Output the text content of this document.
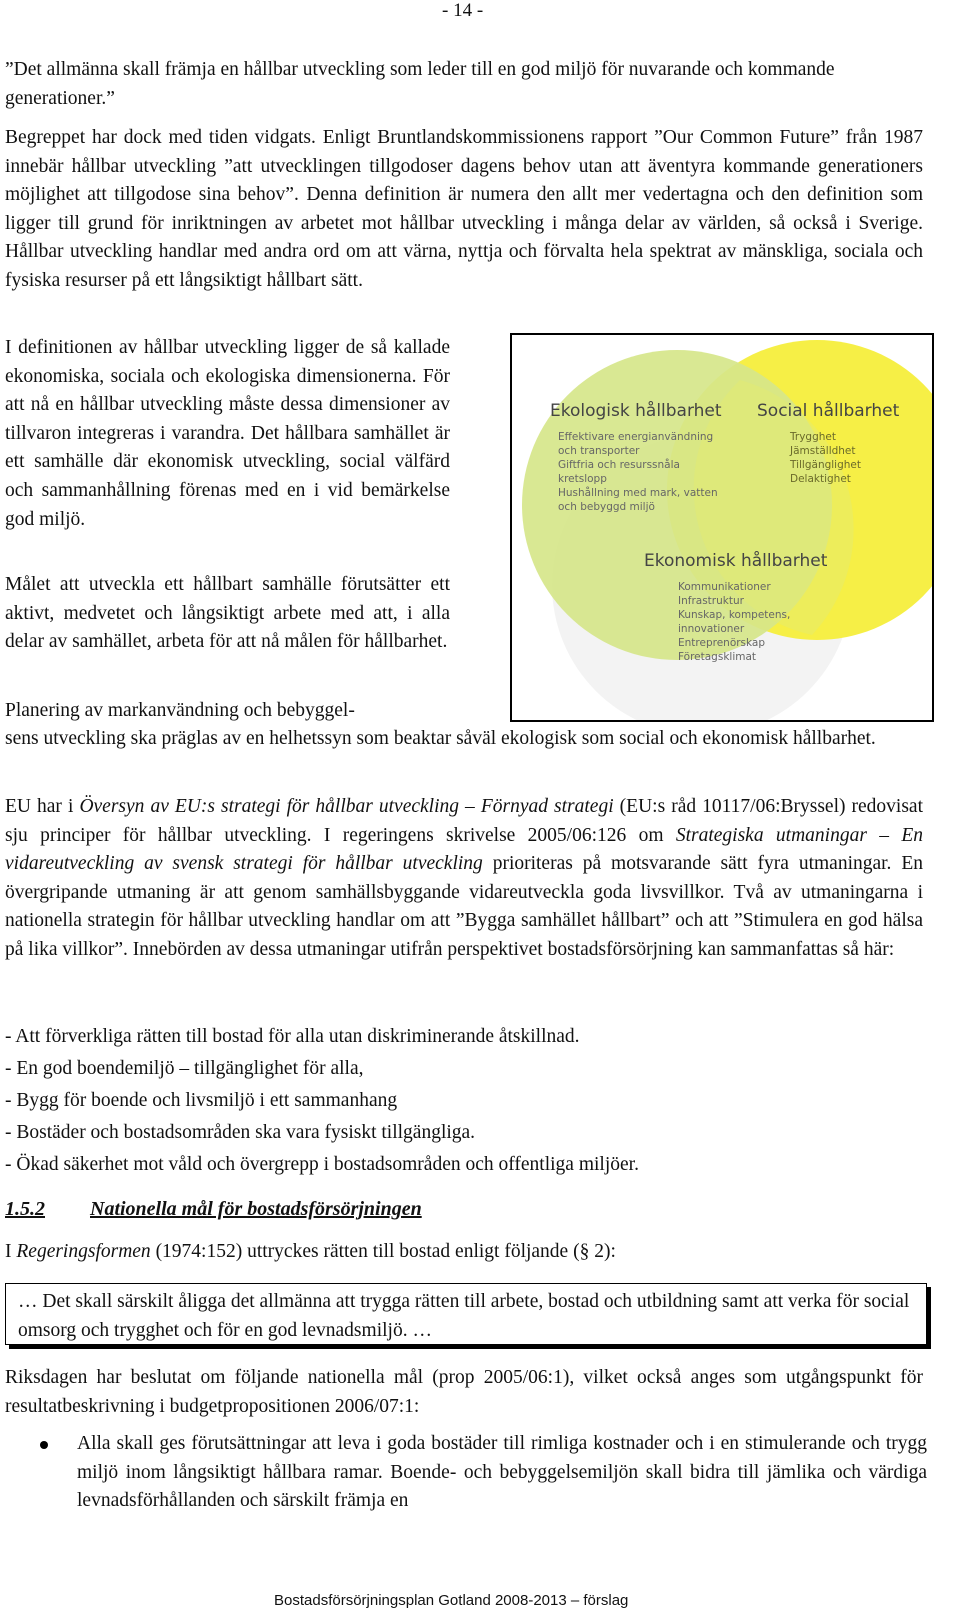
- 14 -

”Det allmänna skall främja en hållbar utveckling som leder till en god miljö för nuvarande och kommande generationer.”

Begreppet har dock med tiden vidgats. Enligt Bruntlandskommissionens rapport ”Our Common Future” från 1987 innebär hållbar utveckling ”att utvecklingen tillgodoser dagens behov utan att äventyra kommande generationers möjlighet att tillgodose sina behov”. Denna definition är numera den allt mer vedertagna och den definition som ligger till grund för inriktningen av arbetet mot hållbar utveckling i många delar av världen, så också i Sverige. Hållbar utveckling handlar med andra ord om att värna, nyttja och förvalta hela spektrat av mänskliga, sociala och fysiska resurser på ett långsiktigt hållbart sätt.

I definitionen av hållbar utveckling ligger de så kallade ekonomiska, sociala och ekologiska dimensionerna. För att nå en hållbar utveckling måste dessa dimensioner av tillvaron integreras i varandra. Det hållbara samhället är ett samhälle där ekonomisk utveckling, social välfärd och sammanhållning förenas med en i vid bemärkelse god miljö.

Målet att utveckla ett hållbart samhälle förutsätter ett aktivt, medvetet och långsiktigt arbete med att, i alla delar av samhället, arbeta för att nå målen för hållbarhet.

Planering av markanvändning och bebyggel-

sens utveckling ska präglas av en helhetssyn som beaktar såväl ekologisk som social och ekonomisk hållbarhet.

Ekologisk hållbarhet
Effektivare energianvändning
och transporter
Giftfria och resurssnåla
kretslopp
Hushållning med mark, vatten
och bebyggd miljö
Social hållbarhet
Trygghet
Jämställdhet
Tillgänglighet
Delaktighet
Ekonomisk hållbarhet
Kommunikationer
Infrastruktur
Kunskap, kompetens,
innovationer
Entreprenörskap
Företagsklimat

EU har i Översyn av EU:s strategi för hållbar utveckling – Förnyad strategi (EU:s råd 10117/06:Bryssel) redovisat sju principer för hållbar utveckling. I regeringens skrivelse 2005/06:126 om Strategiska utmaningar – En vidareutveckling av svensk strategi för hållbar utveckling prioriteras på motsvarande sätt fyra utmaningar. En övergripande utmaning är att genom samhällsbyggande vidareutveckla goda livsvillkor. Två av utmaningarna i nationella strategin för hållbar utveckling handlar om att ”Bygga samhället hållbart” och att ”Stimulera en god hälsa på lika villkor”. Innebörden av dessa utmaningar utifrån perspektivet bostadsförsörjning kan sammanfattas så här:

- Att förverkliga rätten till bostad för alla utan diskriminerande åtskillnad.
- En god boendemiljö – tillgänglighet för alla,
- Bygg för boende och livsmiljö i ett sammanhang
- Bostäder och bostadsområden ska vara fysiskt tillgängliga.
- Ökad säkerhet mot våld och övergrepp i bostadsområden och offentliga miljöer.
1.5.2 Nationella mål för bostadsförsörjningen

I Regeringsformen (1974:152) uttryckes rätten till bostad enligt följande (§ 2):

… Det skall särskilt åligga det allmänna att trygga rätten till arbete, bostad och utbildning samt att verka för social omsorg och trygghet och för en god levnadsmiljö. …

Riksdagen har beslutat om följande nationella mål (prop 2005/06:1), vilket också anges som utgångspunkt för resultatbeskrivning i budgetpropositionen 2006/07:1:

Alla skall ges förutsättningar att leva i goda bostäder till rimliga kostnader och i en stimulerande och trygg miljö inom långsiktigt hållbara ramar. Boende- och bebyggelsemiljön skall bidra till jämlika och värdiga levnadsförhållanden och särskilt främja en
Bostadsförsörjningsplan Gotland 2008-2013 – förslag
